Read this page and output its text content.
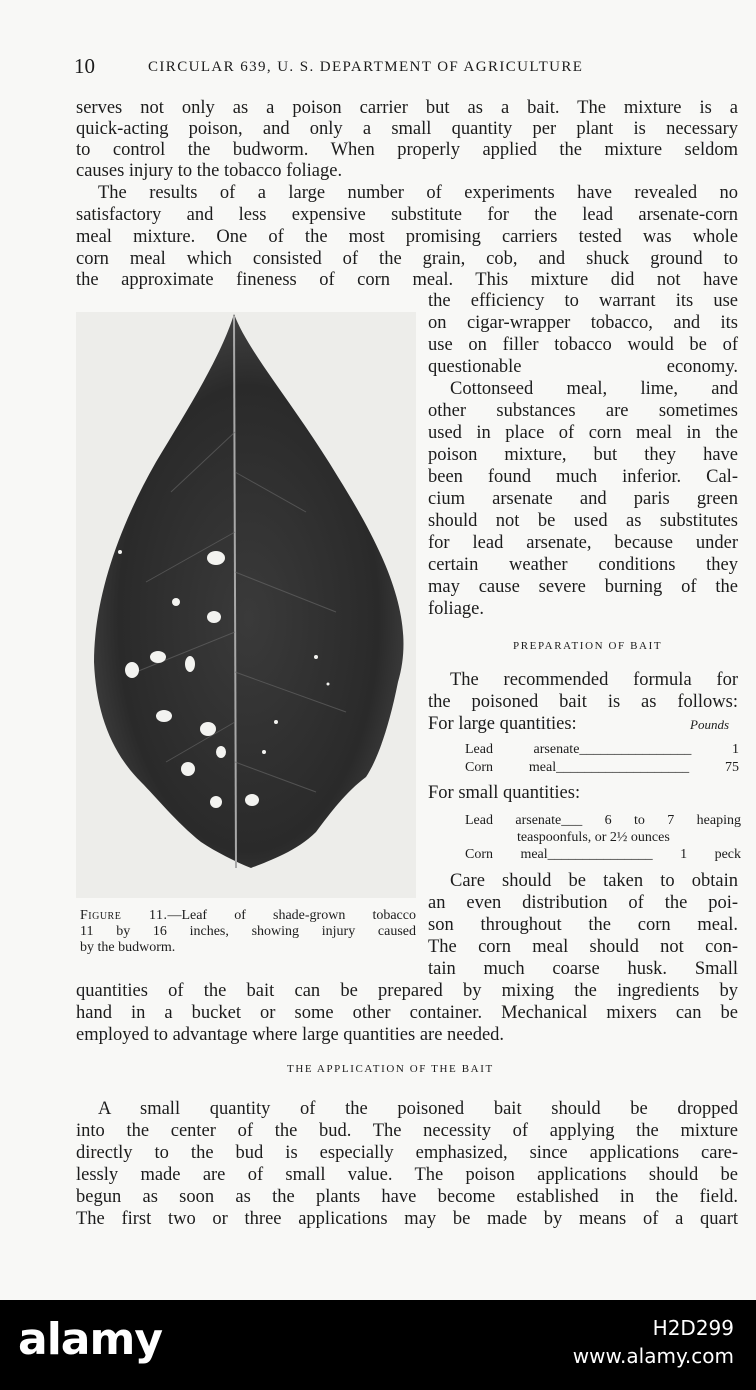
10	CIRCULAR 639, U. S. DEPARTMENT OF AGRICULTURE
serves not only as a poison carrier but as a bait. The mixture is a
quick-acting poison, and only a small quantity per plant is necessary
to control the budworm. When properly applied the mixture seldom
causes injury to the tobacco foliage.
The results of a large number of experiments have revealed no
satisfactory and less expensive substitute for the lead arsenate-corn
meal mixture. One of the most promising carriers tested was whole
corn meal which consisted of the grain, cob, and shuck ground to
the approximate fineness of corn meal. This mixture did not have
the efficiency to warrant its use
on cigar-wrapper tobacco, and its
use on filler tobacco would be of
questionable economy.
Cottonseed meal, lime, and
other substances are sometimes
used in place of corn meal in the
poison mixture, but they have
been found much inferior. Cal-
cium arsenate and paris green
should not be used as substitutes
for lead arsenate, because under
certain weather conditions they
may cause severe burning of the
foliage.
PREPARATION OF BAIT
The recommended formula for
the poisoned bait is as follows:
For large quantities:	Pounds
Lead arsenate________________ 1
Corn meal___________________ 75
For small quantities:
Lead arsenate___ 6 to 7 heaping
teaspoonfuls, or 2½ ounces
Corn meal_______________ 1 peck
Care should be taken to obtain
an even distribution of the poi-
son throughout the corn meal.
The corn meal should not con-
tain much coarse husk. Small
Figure 11.—Leaf of shade-grown tobacco
11 by 16 inches, showing injury caused
by the budworm.
quantities of the bait can be prepared by mixing the ingredients by
hand in a bucket or some other container. Mechanical mixers can be
employed to advantage where large quantities are needed.
THE APPLICATION OF THE BAIT
A small quantity of the poisoned bait should be dropped
into the center of the bud. The necessity of applying the mixture
directly to the bud is especially emphasized, since applications care-
lessly made are of small value. The poison applications should be
begun as soon as the plants have become established in the field.
The first two or three applications may be made by means of a quart
alamy	H2D299
www.alamy.com
